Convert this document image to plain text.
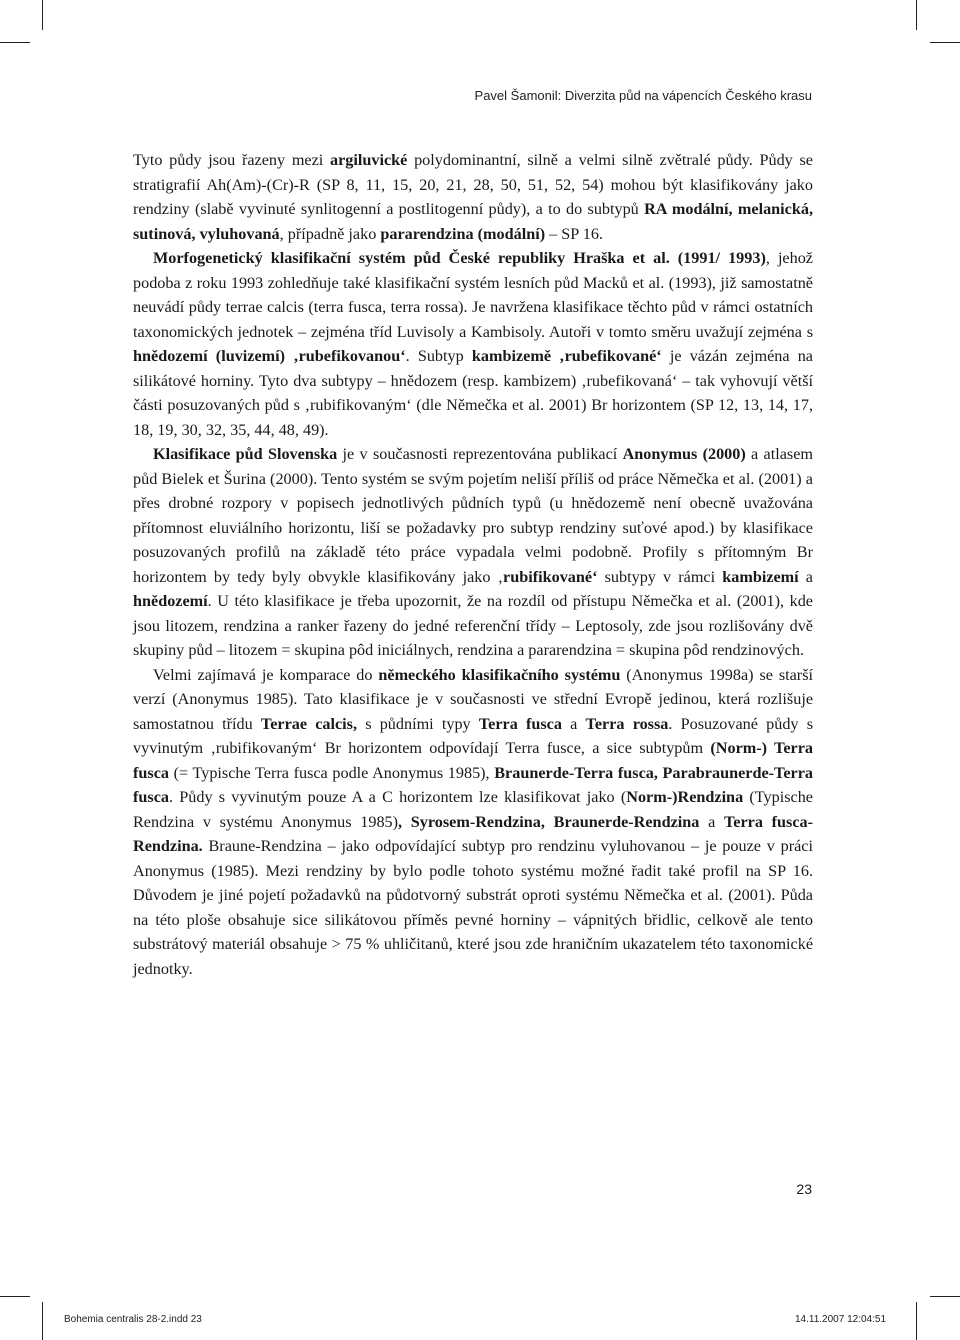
Pavel Šamonil: Diverzita půd na vápencích Českého krasu

Tyto půdy jsou řazeny mezi argiluvické polydominantní, silně a velmi silně zvětralé půdy. Půdy se stratigrafií Ah(Am)-(Cr)-R (SP 8, 11, 15, 20, 21, 28, 50, 51, 52, 54) mohou být klasifikovány jako rendziny (slabě vyvinuté synlitogenní a postlitogenní půdy), a to do subtypů RA modální, melanická, sutinová, vyluhovaná, případně jako pararendzina (modální) – SP 16.

Morfogenetický klasifikační systém půd České republiky Hraška et al. (1991/ 1993), jehož podoba z roku 1993 zohledňuje také klasifikační systém lesních půd Macků et al. (1993), již samostatně neuvádí půdy terrae calcis (terra fusca, terra rossa). Je navržena klasifikace těchto půd v rámci ostatních taxonomických jednotek – zejména tříd Luvisoly a Kambisoly. Autoři v tomto směru uvažují zejména s hnědozemí (luvizemí) ‚rubefikovanou‘. Subtyp kambizemě ‚rubefikované‘ je vázán zejména na silikátové horniny. Tyto dva subtypy – hnědozem (resp. kambizem) ‚rubefikovaná‘ – tak vyhovují větší části posuzovaných půd s ‚rubifikovaným‘ (dle Němečka et al. 2001) Br horizontem (SP 12, 13, 14, 17, 18, 19, 30, 32, 35, 44, 48, 49).

Klasifikace půd Slovenska je v současnosti reprezentována publikací Anonymus (2000) a atlasem půd Bielek et Šurina (2000). Tento systém se svým pojetím neliší příliš od práce Němečka et al. (2001) a přes drobné rozpory v popisech jednotlivých půdních typů (u hnědozemě není obecně uvažována přítomnost eluviálního horizontu, liší se požadavky pro subtyp rendziny suťové apod.) by klasifikace posuzovaných profilů na základě této práce vypadala velmi podobně. Profily s přítomným Br horizontem by tedy byly obvykle klasifikovány jako ‚rubifikované‘ subtypy v rámci kambizemí a hnědozemí. U této klasifikace je třeba upozornit, že na rozdíl od přístupu Němečka et al. (2001), kde jsou litozem, rendzina a ranker řazeny do jedné referenční třídy – Leptosoly, zde jsou rozlišovány dvě skupiny půd – litozem = skupina pôd iniciálnych, rendzina a pararendzina = skupina pôd rendzinových.

Velmi zajímavá je komparace do německého klasifikačního systému (Anonymus 1998a) se starší verzí (Anonymus 1985). Tato klasifikace je v současnosti ve střední Evropě jedinou, která rozlišuje samostatnou třídu Terrae calcis, s půdními typy Terra fusca a Terra rossa. Posuzované půdy s vyvinutým ‚rubifikovaným‘ Br horizontem odpovídají Terra fusce, a sice subtypům (Norm-) Terra fusca (= Typische Terra fusca podle Anonymus 1985), Braunerde-Terra fusca, Parabraunerde-Terra fusca. Půdy s vyvinutým pouze A a C horizontem lze klasifikovat jako (Norm-)Rendzina (Typische Rendzina v systému Anonymus 1985), Syrosem-Rendzina, Braunerde-Rendzina a Terra fusca-Rendzina. Braune-Rendzina – jako odpovídající subtyp pro rendzinu vyluhovanou – je pouze v práci Anonymus (1985). Mezi rendziny by bylo podle tohoto systému možné řadit také profil na SP 16. Důvodem je jiné pojetí požadavků na půdotvorný substrát oproti systému Němečka et al. (2001). Půda na této ploše obsahuje sice silikátovou příměs pevné horniny – vápnitých břidlic, celkově ale tento substrátový materiál obsahuje > 75 % uhličitanů, které jsou zde hraničním ukazatelem této taxonomické jednotky.

23
Bohemia centralis 28-2.indd 23	14.11.2007 12:04:51
